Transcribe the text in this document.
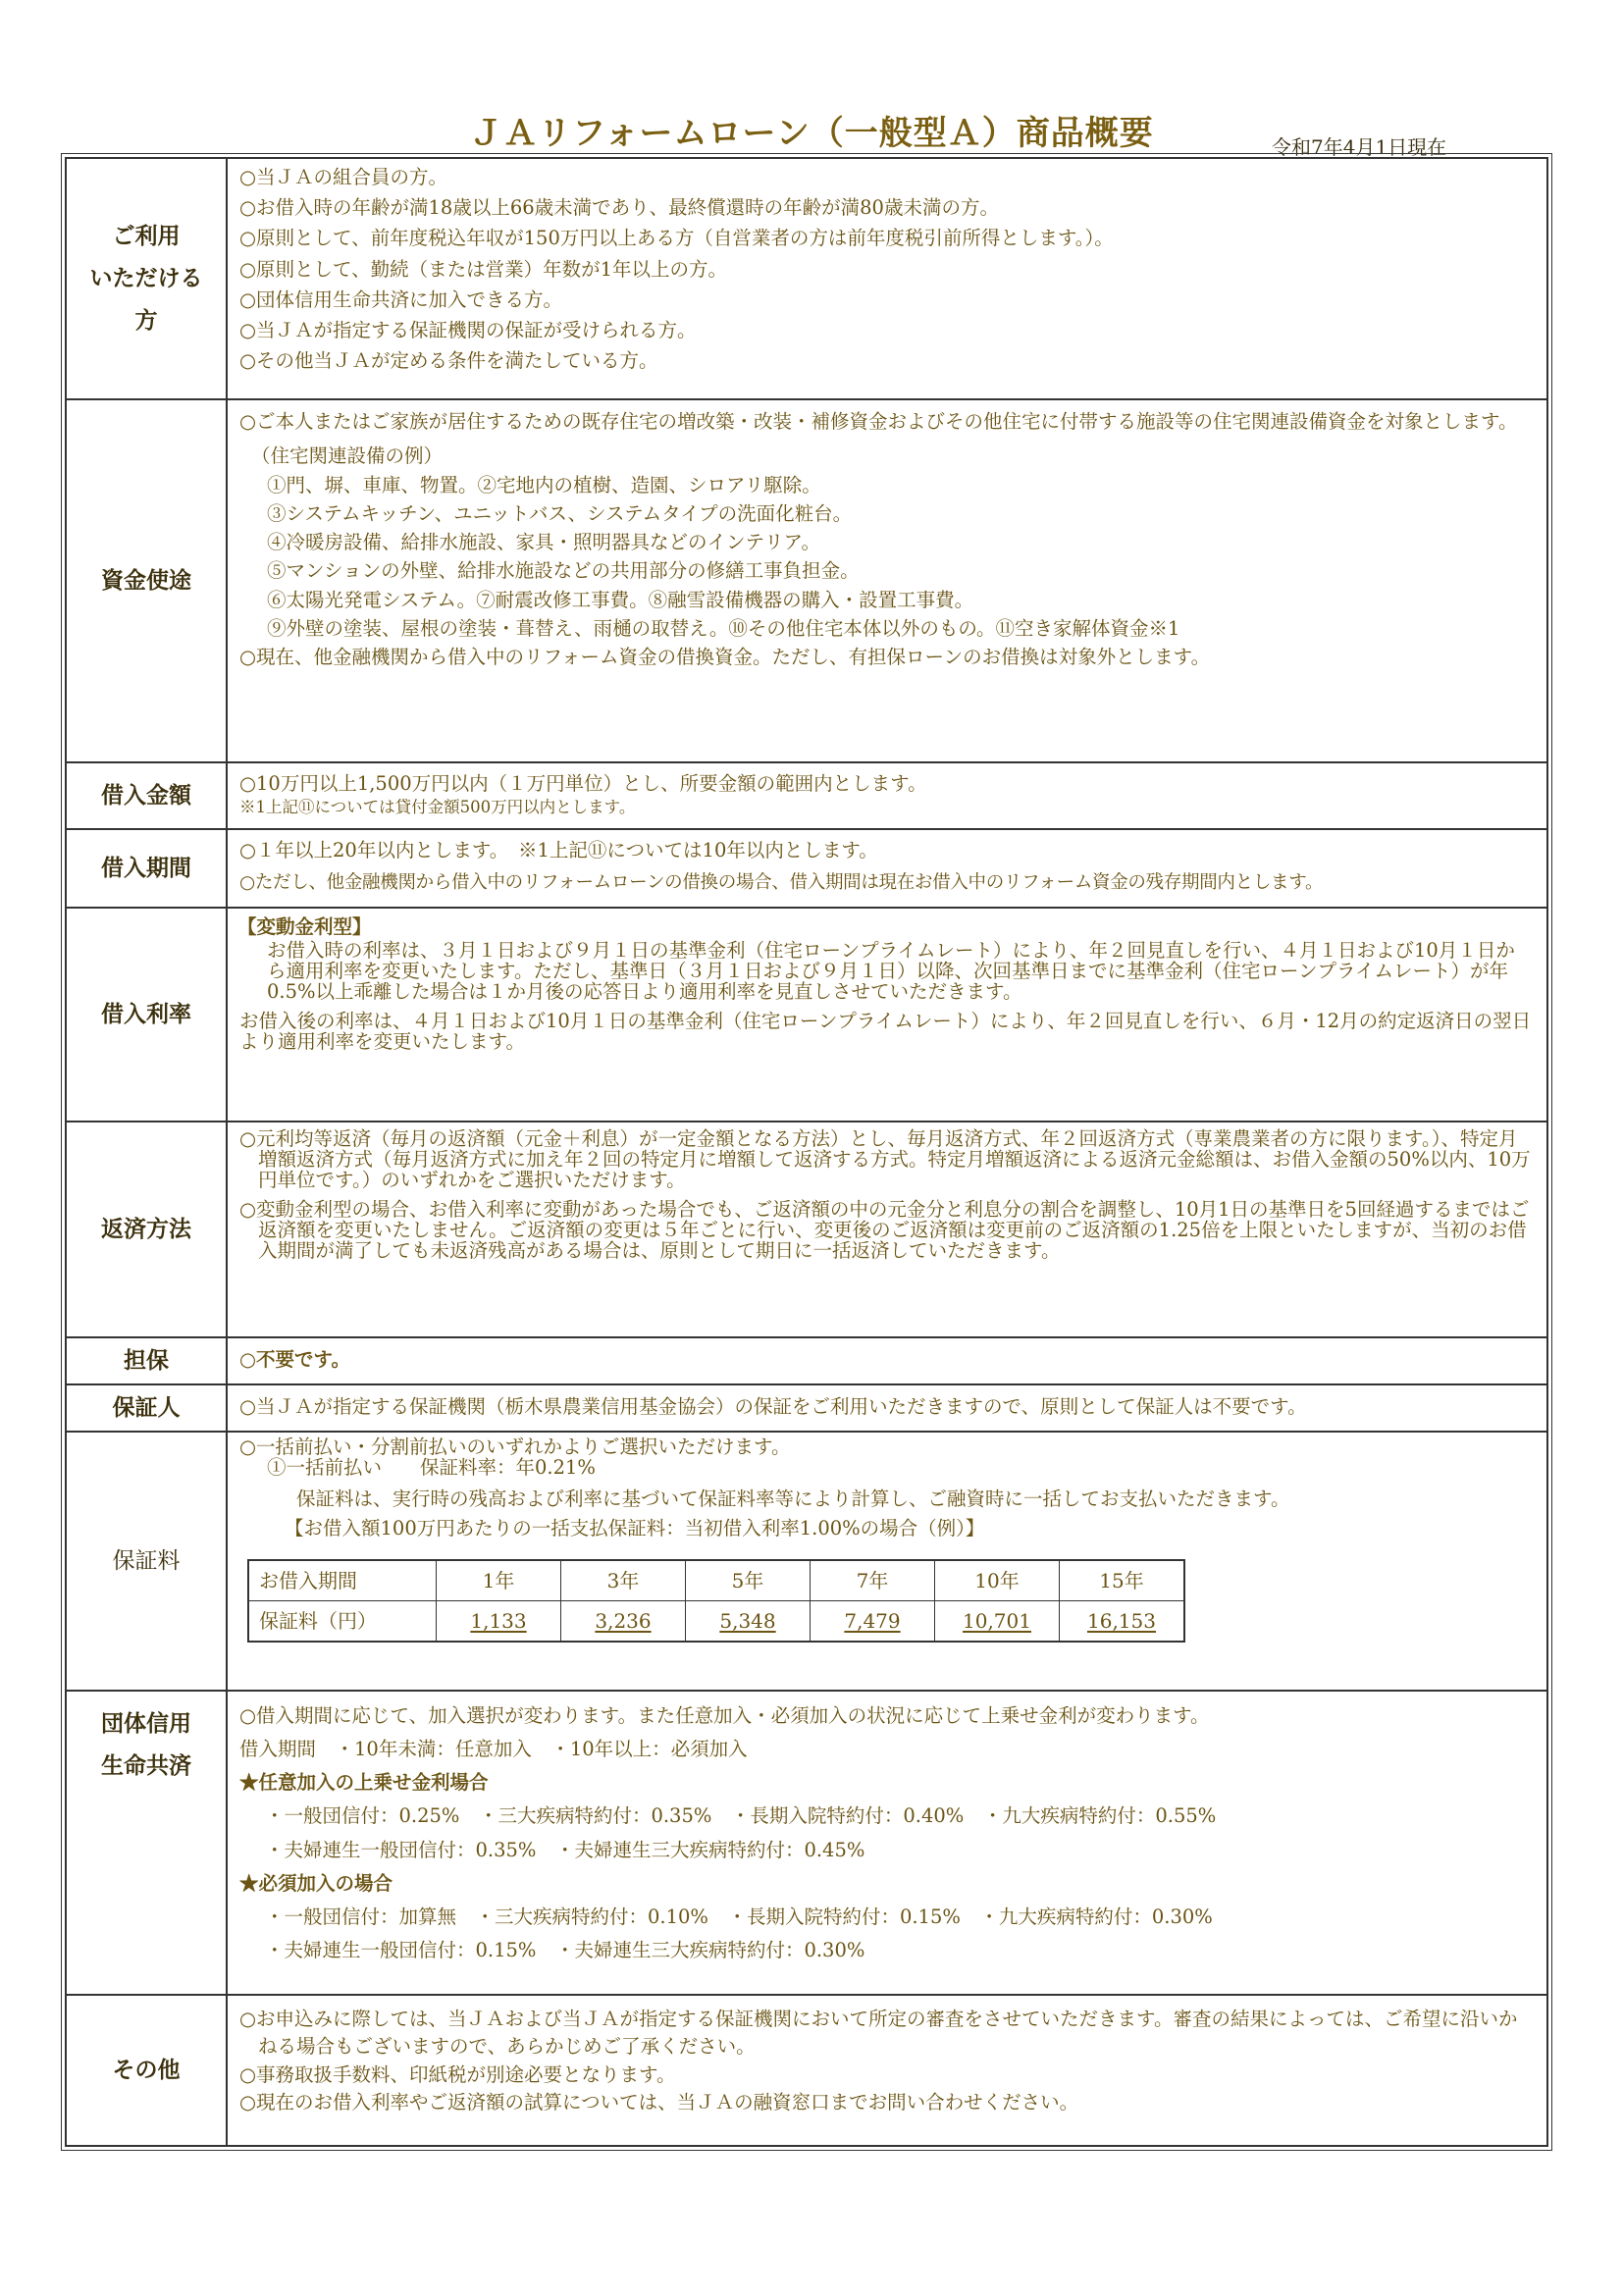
ＪＡリフォームローン（一般型Ａ）商品概要	令和7年4月1日現在
ご利用
いただける
方

○当ＪＡの組合員の方。

○お借入時の年齢が満18歳以上66歳未満であり、最終償還時の年齢が満80歳未満の方。

○原則として、前年度税込年収が150万円以上ある方（自営業者の方は前年度税引前所得とします。）。

○原則として、勤続（または営業）年数が1年以上の方。

○団体信用生命共済に加入できる方。

○当ＪＡが指定する保証機関の保証が受けられる方。

○その他当ＪＡが定める条件を満たしている方。

資金使途	

○ご本人またはご家族が居住するための既存住宅の増改築・改装・補修資金およびその他住宅に付帯する施設等の住宅関連設備資金を対象とします。

（住宅関連設備の例）

①門、塀、車庫、物置。②宅地内の植樹、造園、シロアリ駆除。

③システムキッチン、ユニットバス、システムタイプの洗面化粧台。

④冷暖房設備、給排水施設、家具・照明器具などのインテリア。

⑤マンションの外壁、給排水施設などの共用部分の修繕工事負担金。

⑥太陽光発電システム。⑦耐震改修工事費。⑧融雪設備機器の購入・設置工事費。

⑨外壁の塗装、屋根の塗装・葺替え、雨樋の取替え。⑩その他住宅本体以外のもの。⑪空き家解体資金※1

○現在、他金融機関から借入中のリフォーム資金の借換資金。ただし、有担保ローンのお借換は対象外とします。

借入金額	○10万円以上1,500万円以内（１万円単位）とし、所要金額の範囲内とします。

※1上記⑪については貸付金額500万円以内とします。

借入期間	

○１年以上20年以内とします。　※1上記⑪については10年以内とします。

○ただし、他金融機関から借入中のリフォームローンの借換の場合、借入期間は現在お借入中のリフォーム資金の残存期間内とします。

借入利率	

【変動金利型】

お借入時の利率は、３月１日および９月１日の基準金利（住宅ローンプライムレート）により、年２回見直しを行い、４月１日および10月１日から適用利率を変更いたします。ただし、基準日（３月１日および９月１日）以降、次回基準日までに基準金利（住宅ローンプライムレート）が年0.5%以上乖離した場合は１か月後の応答日より適用利率を見直しさせていただきます。

お借入後の利率は、４月１日および10月１日の基準金利（住宅ローンプライムレート）により、年２回見直しを行い、６月・12月の約定返済日の翌日より適用利率を変更いたします。

返済方法	

○元利均等返済（毎月の返済額（元金＋利息）が一定金額となる方法）とし、毎月返済方式、年２回返済方式（専業農業者の方に限ります。）、特定月増額返済方式（毎月返済方式に加え年２回の特定月に増額して返済する方式。特定月増額返済による返済元金総額は、お借入金額の50%以内、10万円単位です。）のいずれかをご選択いただけます。

○変動金利型の場合、お借入利率に変動があった場合でも、ご返済額の中の元金分と利息分の割合を調整し、10月1日の基準日を5回経過するまではご返済額を変更いたしません。ご返済額の変更は５年ごとに行い、変更後のご返済額は変更前のご返済額の1.25倍を上限といたしますが、当初のお借入期間が満了しても未返済残高がある場合は、原則として期日に一括返済していただきます。

担保	○不要です。
保証人	○当ＪＡが指定する保証機関（栃木県農業信用基金協会）の保証をご利用いただきますので、原則として保証人は不要です。
保証料	

○一括前払い・分割前払いのいずれかよりご選択いただけます。

①一括前払い　　保証料率：年0.21%

保証料は、実行時の残高および利率に基づいて保証料率等により計算し、ご融資時に一括してお支払いただきます。

【お借入額100万円あたりの一括支払保証料：当初借入利率1.00%の場合（例）】

お借入期間	1年	3年	5年	7年	10年	15年
保証料（円）	1,133	3,236	5,348	7,479	10,701	16,153

団体信用
生命共済

○借入期間に応じて、加入選択が変わります。また任意加入・必須加入の状況に応じて上乗せ金利が変わります。

借入期間　・10年未満：任意加入　・10年以上：必須加入

★任意加入の上乗せ金利場合

・一般団信付：0.25%　・三大疾病特約付：0.35%　・長期入院特約付：0.40%　・九大疾病特約付：0.55%

・夫婦連生一般団信付：0.35%　・夫婦連生三大疾病特約付：0.45%

★必須加入の場合

・一般団信付：加算無　・三大疾病特約付：0.10%　・長期入院特約付：0.15%　・九大疾病特約付：0.30%

・夫婦連生一般団信付：0.15%　・夫婦連生三大疾病特約付：0.30%

その他	

○お申込みに際しては、当ＪＡおよび当ＪＡが指定する保証機関において所定の審査をさせていただきます。審査の結果によっては、ご希望に沿いかねる場合もございますので、あらかじめご了承ください。

○事務取扱手数料、印紙税が別途必要となります。

○現在のお借入利率やご返済額の試算については、当ＪＡの融資窓口までお問い合わせください。
